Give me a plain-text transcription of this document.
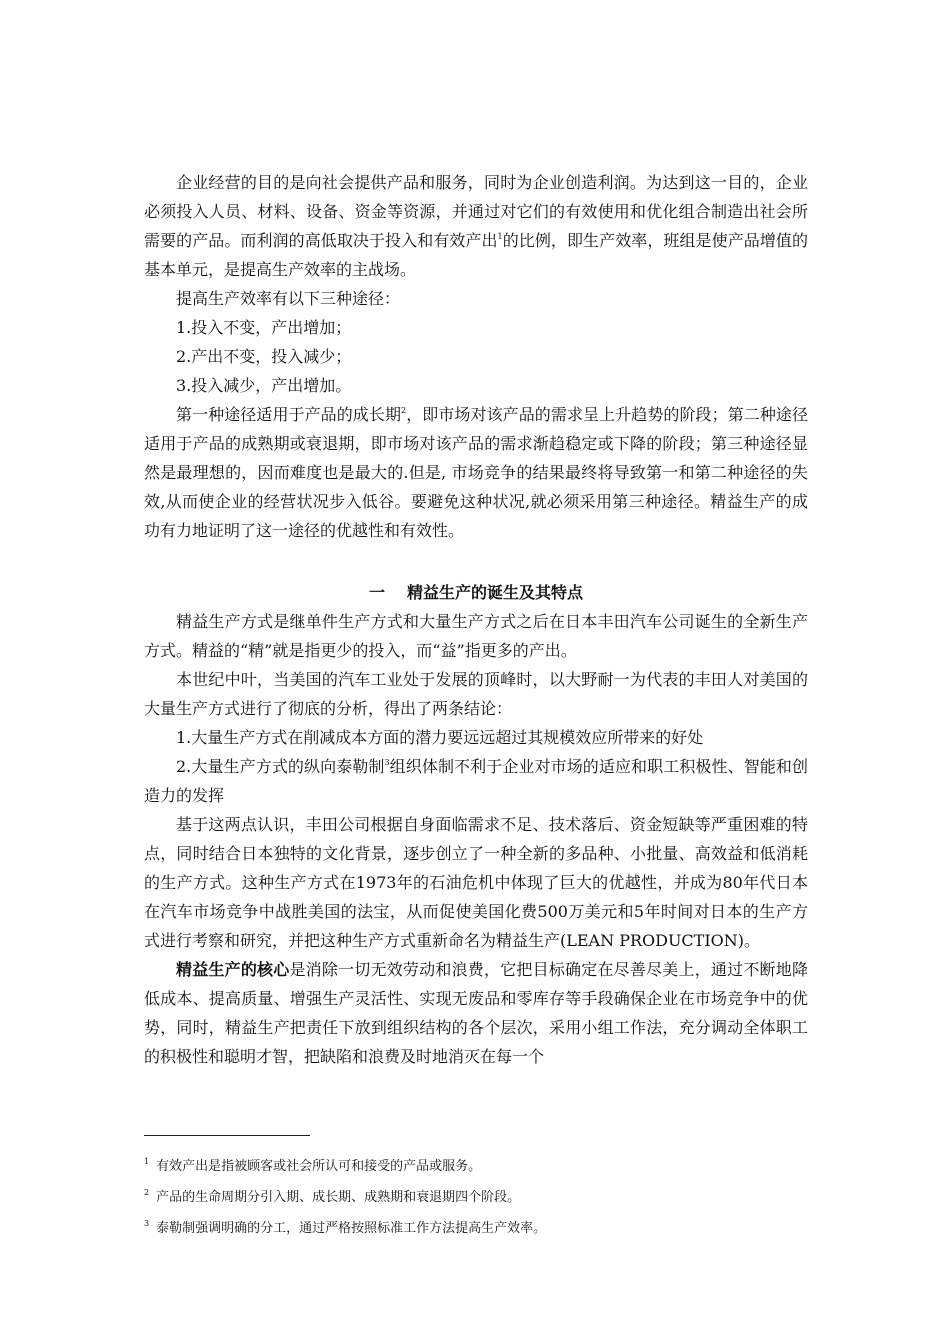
企业经营的目的是向社会提供产品和服务，同时为企业创造利润。为达到这一目的，企业必须投入人员、材料、设备、资金等资源，并通过对它们的有效使用和优化组合制造出社会所需要的产品。而利润的高低取决于投入和有效产出$^1$的比例，即生产效率，班组是使产品增值的基本单元，是提高生产效率的主战场。

提高生产效率有以下三种途径：

1.投入不变，产出增加；

2.产出不变，投入减少；

3.投入减少，产出增加。

第一种途径适用于产品的成长期$^2$，即市场对该产品的需求呈上升趋势的阶段；第二种途径适用于产品的成熟期或衰退期，即市场对该产品的需求渐趋稳定或下降的阶段；第三种途径显然是最理想的，因而难度也是最大的.但是, 市场竞争的结果最终将导致第一和第二种途径的失效,从而使企业的经营状况步入低谷。要避免这种状况,就必须采用第三种途径。精益生产的成功有力地证明了这一途径的优越性和有效性。

一 精益生产的诞生及其特点

精益生产方式是继单件生产方式和大量生产方式之后在日本丰田汽车公司诞生的全新生产方式。精益的“精”就是指更少的投入，而“益”指更多的产出。

本世纪中叶，当美国的汽车工业处于发展的顶峰时，以大野耐一为代表的丰田人对美国的大量生产方式进行了彻底的分析，得出了两条结论：

1.大量生产方式在削减成本方面的潜力要远远超过其规模效应所带来的好处

2.大量生产方式的纵向泰勒制$^3$组织体制不利于企业对市场的适应和职工积极性、智能和创造力的发挥

基于这两点认识，丰田公司根据自身面临需求不足、技术落后、资金短缺等严重困难的特点，同时结合日本独特的文化背景，逐步创立了一种全新的多品种、小批量、高效益和低消耗的生产方式。这种生产方式在1973年的石油危机中体现了巨大的优越性，并成为80年代日本在汽车市场竞争中战胜美国的法宝，从而促使美国化费500万美元和5年时间对日本的生产方式进行考察和研究，并把这种生产方式重新命名为精益生产(LEAN PRODUCTION)。

精益生产的核心是消除一切无效劳动和浪费，它把目标确定在尽善尽美上，通过不断地降低成本、提高质量、增强生产灵活性、实现无废品和零库存等手段确保企业在市场竞争中的优势，同时，精益生产把责任下放到组织结构的各个层次，采用小组工作法，充分调动全体职工的积极性和聪明才智，把缺陷和浪费及时地消灭在每一个

$^1$ 有效产出是指被顾客或社会所认可和接受的产品或服务。

$^2$ 产品的生命周期分引入期、成长期、成熟期和衰退期四个阶段。

$^3$ 泰勒制强调明确的分工，通过严格按照标准工作方法提高生产效率。
